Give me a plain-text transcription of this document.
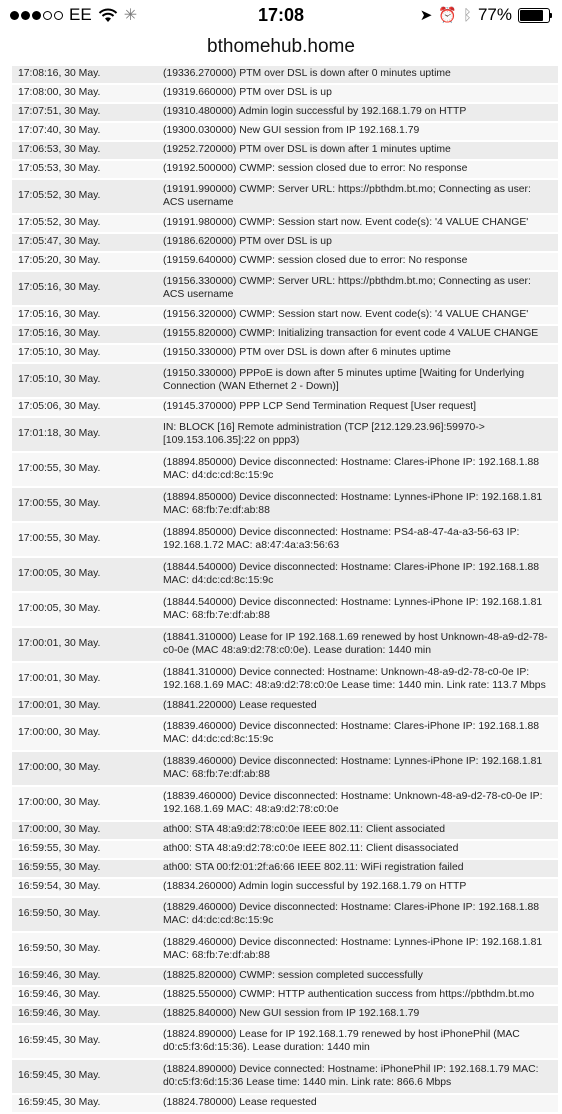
EE ✳	17:08	➤ ⏰ ᛒ 77%
bthomehub.home
17:08:16, 30 May.	(19336.270000) PTM over DSL is down after 0 minutes uptime
17:08:00, 30 May.	(19319.660000) PTM over DSL is up
17:07:51, 30 May.	(19310.480000) Admin login successful by 192.168.1.79 on HTTP
17:07:40, 30 May.	(19300.030000) New GUI session from IP 192.168.1.79
17:06:53, 30 May.	(19252.720000) PTM over DSL is down after 1 minutes uptime
17:05:53, 30 May.	(19192.500000) CWMP: session closed due to error: No response
17:05:52, 30 May.	(19191.990000) CWMP: Server URL: https://pbthdm.bt.mo; Connecting as user: ACS username
17:05:52, 30 May.	(19191.980000) CWMP: Session start now. Event code(s): '4 VALUE CHANGE'
17:05:47, 30 May.	(19186.620000) PTM over DSL is up
17:05:20, 30 May.	(19159.640000) CWMP: session closed due to error: No response
17:05:16, 30 May.	(19156.330000) CWMP: Server URL: https://pbthdm.bt.mo; Connecting as user: ACS username
17:05:16, 30 May.	(19156.320000) CWMP: Session start now. Event code(s): '4 VALUE CHANGE'
17:05:16, 30 May.	(19155.820000) CWMP: Initializing transaction for event code 4 VALUE CHANGE
17:05:10, 30 May.	(19150.330000) PTM over DSL is down after 6 minutes uptime
17:05:10, 30 May.	(19150.330000) PPPoE is down after 5 minutes uptime [Waiting for Underlying Connection (WAN Ethernet 2 - Down)]
17:05:06, 30 May.	(19145.370000) PPP LCP Send Termination Request [User request]
17:01:18, 30 May.	IN: BLOCK [16] Remote administration (TCP [212.129.23.96]:59970->[109.153.106.35]:22 on ppp3)
17:00:55, 30 May.	(18894.850000) Device disconnected: Hostname: Clares-iPhone IP: 192.168.1.88 MAC: d4:dc:cd:8c:15:9c
17:00:55, 30 May.	(18894.850000) Device disconnected: Hostname: Lynnes-iPhone IP: 192.168.1.81 MAC: 68:fb:7e:df:ab:88
17:00:55, 30 May.	(18894.850000) Device disconnected: Hostname: PS4-a8-47-4a-a3-56-63 IP: 192.168.1.72 MAC: a8:47:4a:a3:56:63
17:00:05, 30 May.	(18844.540000) Device disconnected: Hostname: Clares-iPhone IP: 192.168.1.88 MAC: d4:dc:cd:8c:15:9c
17:00:05, 30 May.	(18844.540000) Device disconnected: Hostname: Lynnes-iPhone IP: 192.168.1.81 MAC: 68:fb:7e:df:ab:88
17:00:01, 30 May.	(18841.310000) Lease for IP 192.168.1.69 renewed by host Unknown-48-a9-d2-78-c0-0e (MAC 48:a9:d2:78:c0:0e). Lease duration: 1440 min
17:00:01, 30 May.	(18841.310000) Device connected: Hostname: Unknown-48-a9-d2-78-c0-0e IP: 192.168.1.69 MAC: 48:a9:d2:78:c0:0e Lease time: 1440 min. Link rate: 113.7 Mbps
17:00:01, 30 May.	(18841.220000) Lease requested
17:00:00, 30 May.	(18839.460000) Device disconnected: Hostname: Clares-iPhone IP: 192.168.1.88 MAC: d4:dc:cd:8c:15:9c
17:00:00, 30 May.	(18839.460000) Device disconnected: Hostname: Lynnes-iPhone IP: 192.168.1.81 MAC: 68:fb:7e:df:ab:88
17:00:00, 30 May.	(18839.460000) Device disconnected: Hostname: Unknown-48-a9-d2-78-c0-0e IP: 192.168.1.69 MAC: 48:a9:d2:78:c0:0e
17:00:00, 30 May.	ath00: STA 48:a9:d2:78:c0:0e IEEE 802.11: Client associated
16:59:55, 30 May.	ath00: STA 48:a9:d2:78:c0:0e IEEE 802.11: Client disassociated
16:59:55, 30 May.	ath00: STA 00:f2:01:2f:a6:66 IEEE 802.11: WiFi registration failed
16:59:54, 30 May.	(18834.260000) Admin login successful by 192.168.1.79 on HTTP
16:59:50, 30 May.	(18829.460000) Device disconnected: Hostname: Clares-iPhone IP: 192.168.1.88 MAC: d4:dc:cd:8c:15:9c
16:59:50, 30 May.	(18829.460000) Device disconnected: Hostname: Lynnes-iPhone IP: 192.168.1.81 MAC: 68:fb:7e:df:ab:88
16:59:46, 30 May.	(18825.820000) CWMP: session completed successfully
16:59:46, 30 May.	(18825.550000) CWMP: HTTP authentication success from https://pbthdm.bt.mo
16:59:46, 30 May.	(18825.840000) New GUI session from IP 192.168.1.79
16:59:45, 30 May.	(18824.890000) Lease for IP 192.168.1.79 renewed by host iPhonePhil (MAC d0:c5:f3:6d:15:36). Lease duration: 1440 min
16:59:45, 30 May.	(18824.890000) Device connected: Hostname: iPhonePhil IP: 192.168.1.79 MAC: d0:c5:f3:6d:15:36 Lease time: 1440 min. Link rate: 866.6 Mbps
16:59:45, 30 May.	(18824.780000) Lease requested
